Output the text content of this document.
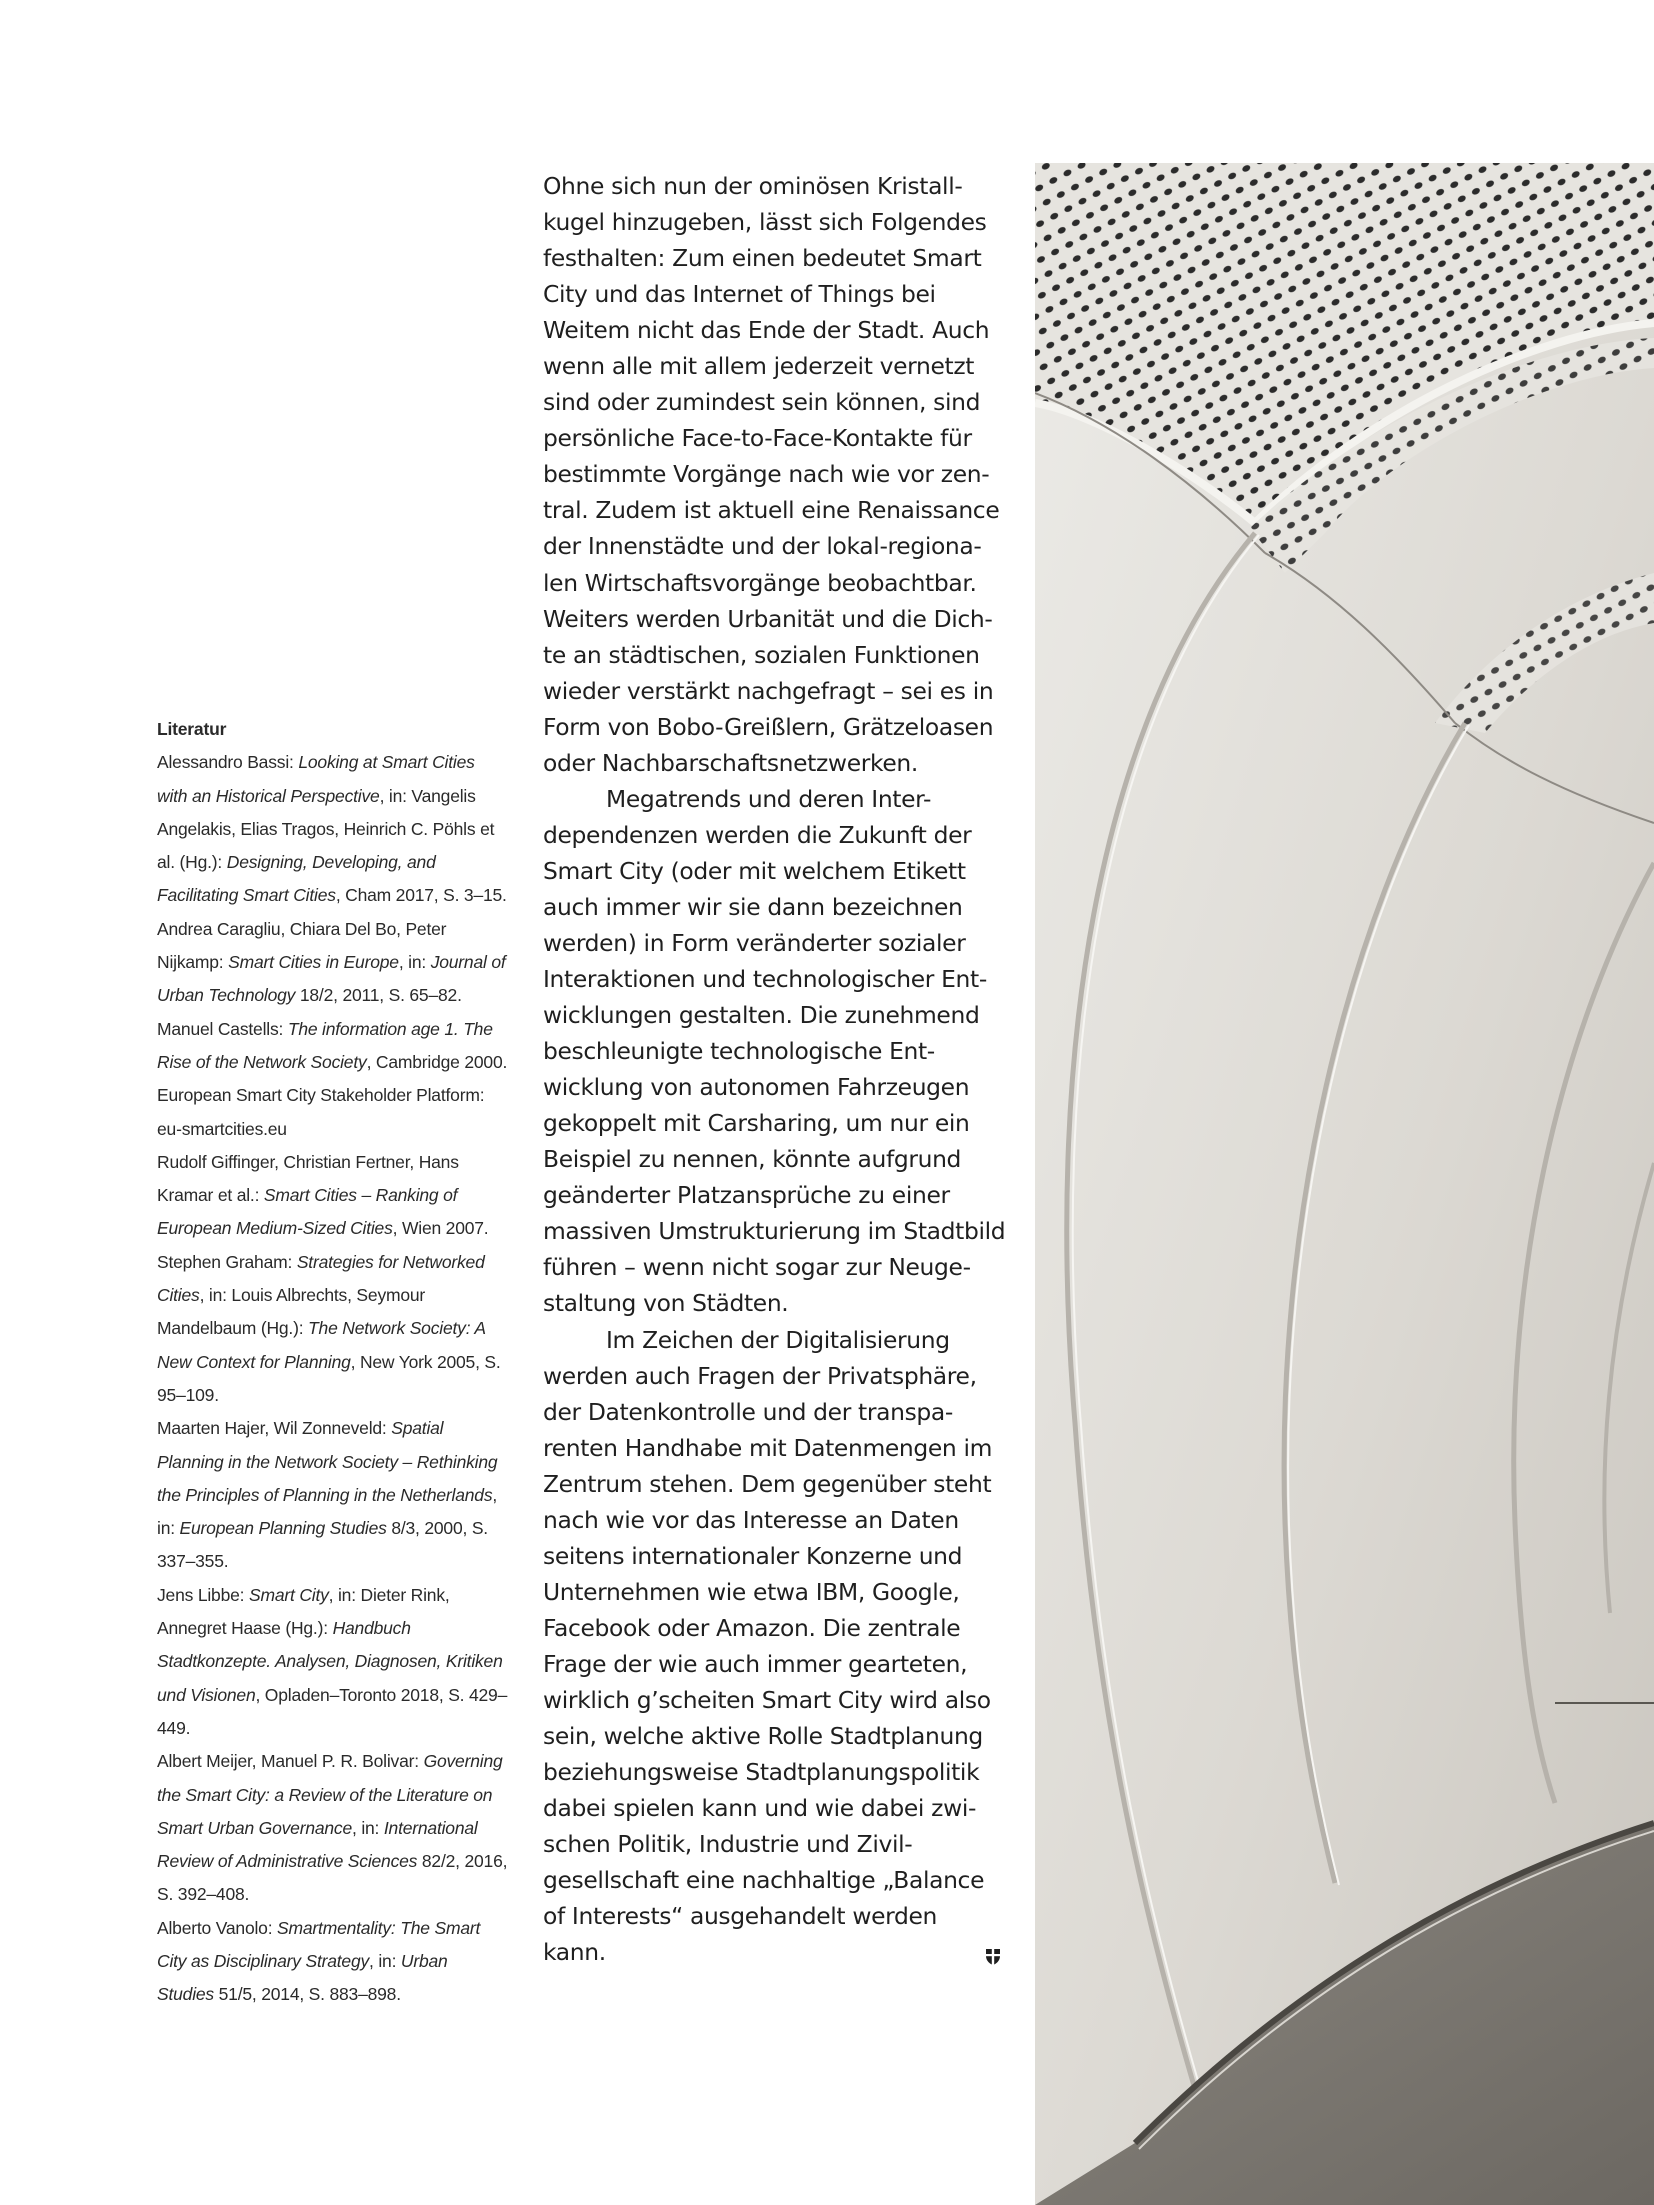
Literatur

Alessandro Bassi: Looking at Smart Cities with an Historical Perspective, in: Vangelis Angelakis, Elias Tragos, Heinrich C. Pöhls et al. (Hg.): Designing, Developing, and Facilitating Smart Cities, Cham 2017, S. 3–15.

Andrea Caragliu, Chiara Del Bo, Peter Nijkamp: Smart Cities in Europe, in: Journal of Urban Technology 18/2, 2011, S. 65–82.

Manuel Castells: The information age 1. The Rise of the Network Society, Cambridge 2000.

European Smart City Stakeholder Platform: eu-smartcities.eu

Rudolf Giffinger, Christian Fertner, Hans Kramar et al.: Smart Cities – Ranking of European Medium-Sized Cities, Wien 2007.

Stephen Graham: Strategies for Networked Cities, in: Louis Albrechts, Seymour Mandelbaum (Hg.): The Network Society: A New Context for Planning, New York 2005, S. 95–109.

Maarten Hajer, Wil Zonneveld: Spatial Planning in the Network Society – Rethinking the Principles of Planning in the Netherlands, in: European Planning Studies 8/3, 2000, S. 337–355.

Jens Libbe: Smart City, in: Dieter Rink, Annegret Haase (Hg.): Handbuch Stadtkonzepte. Analysen, Diagnosen, Kritiken und Visionen, Opladen–Toronto 2018, S. 429–449.

Albert Meijer, Manuel P. R. Bolivar: Governing the Smart City: a Review of the Literature on Smart Urban Governance, in: International Review of Administrative Sciences 82/2, 2016, S. 392–408.

Alberto Vanolo: Smartmentality: The Smart City as Disciplinary Strategy, in: Urban Studies 51/5, 2014, S. 883–898.

Ohne sich nun der ominösen Kristall-
kugel hinzugeben, lässt sich Folgendes
festhalten: Zum einen bedeutet Smart
City und das Internet of Things bei
Weitem nicht das Ende der Stadt. Auch
wenn alle mit allem jederzeit vernetzt
sind oder zumindest sein können, sind
persönliche Face-to-Face-Kontakte für
bestimmte Vorgänge nach wie vor zen-
tral. Zudem ist aktuell eine Renaissance
der Innenstädte und der lokal-regiona-
len Wirtschaftsvorgänge beobachtbar.
Weiters werden Urbanität und die Dich-
te an städtischen, sozialen Funktionen
wieder verstärkt nachgefragt – sei es in
Form von Bobo-Greißlern, Grätzeloasen
oder Nachbarschaftsnetzwerken.
Megatrends und deren Inter-
dependenzen werden die Zukunft der
Smart City (oder mit welchem Etikett
auch immer wir sie dann bezeichnen
werden) in Form veränderter sozialer
Interaktionen und technologischer Ent-
wicklungen gestalten. Die zunehmend
beschleunigte technologische Ent-
wicklung von autonomen Fahrzeugen
gekoppelt mit Carsharing, um nur ein
Beispiel zu nennen, könnte aufgrund
geänderter Platzansprüche zu einer
massiven Umstrukturierung im Stadtbild
führen – wenn nicht sogar zur Neuge-
staltung von Städten.
Im Zeichen der Digitalisierung
werden auch Fragen der Privatsphäre,
der Datenkontrolle und der transpa-
renten Handhabe mit Datenmengen im
Zentrum stehen. Dem gegenüber steht
nach wie vor das Interesse an Daten
seitens internationaler Konzerne und
Unternehmen wie etwa IBM, Google,
Facebook oder Amazon. Die zentrale
Frage der wie auch immer gearteten,
wirklich g’scheiten Smart City wird also
sein, welche aktive Rolle Stadtplanung
beziehungsweise Stadtplanungspolitik
dabei spielen kann und wie dabei zwi-
schen Politik, Industrie und Zivil-
gesellschaft eine nachhaltige „Balance
of Interests“ ausgehandelt werden
kann.
